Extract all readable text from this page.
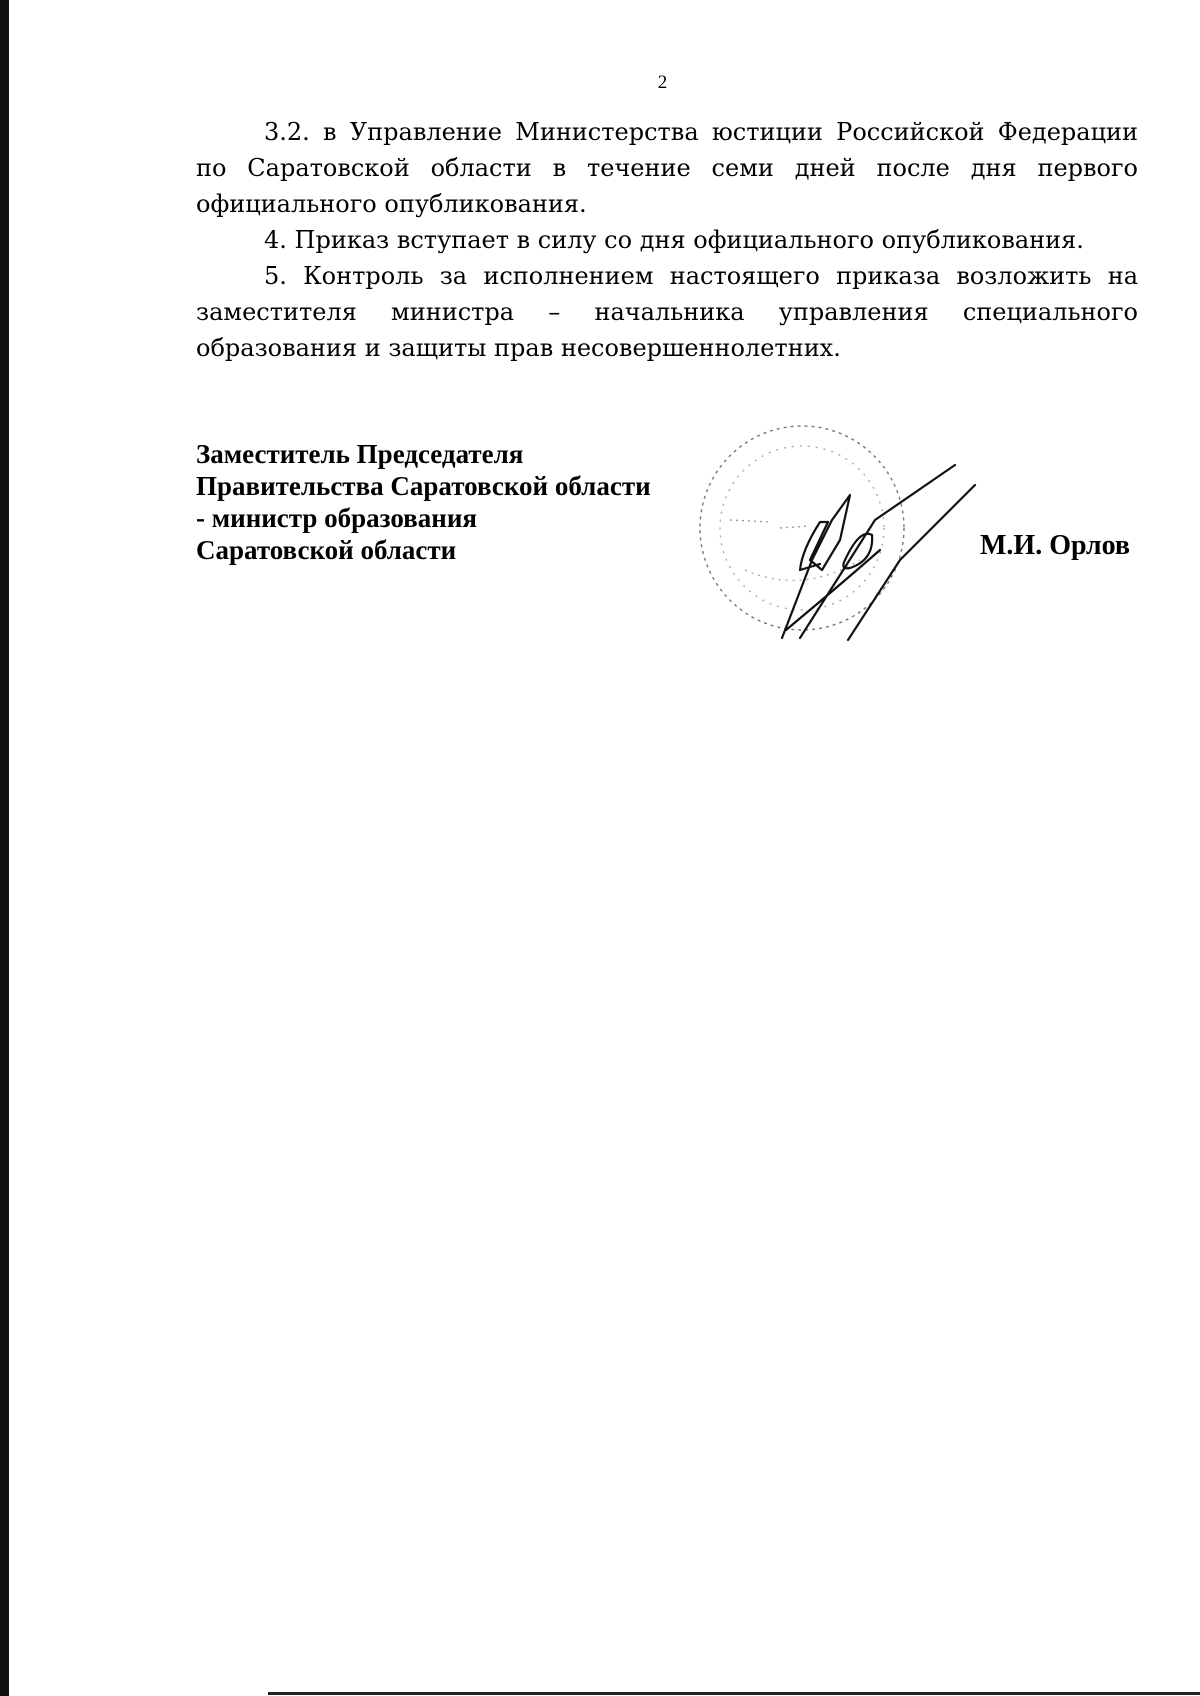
2

3.2. в Управление Министерства юстиции Российской Федерации по Саратовской области в течение семи дней после дня первого официального опубликования.

4. Приказ вступает в силу со дня официального опубликования.

5. Контроль за исполнением настоящего приказа возложить на заместителя министра – начальника управления специального образования и защиты прав несовершеннолетних.

Заместитель Председателя
Правительства Саратовской области
- министр образования
Саратовской области	М.И. Орлов
